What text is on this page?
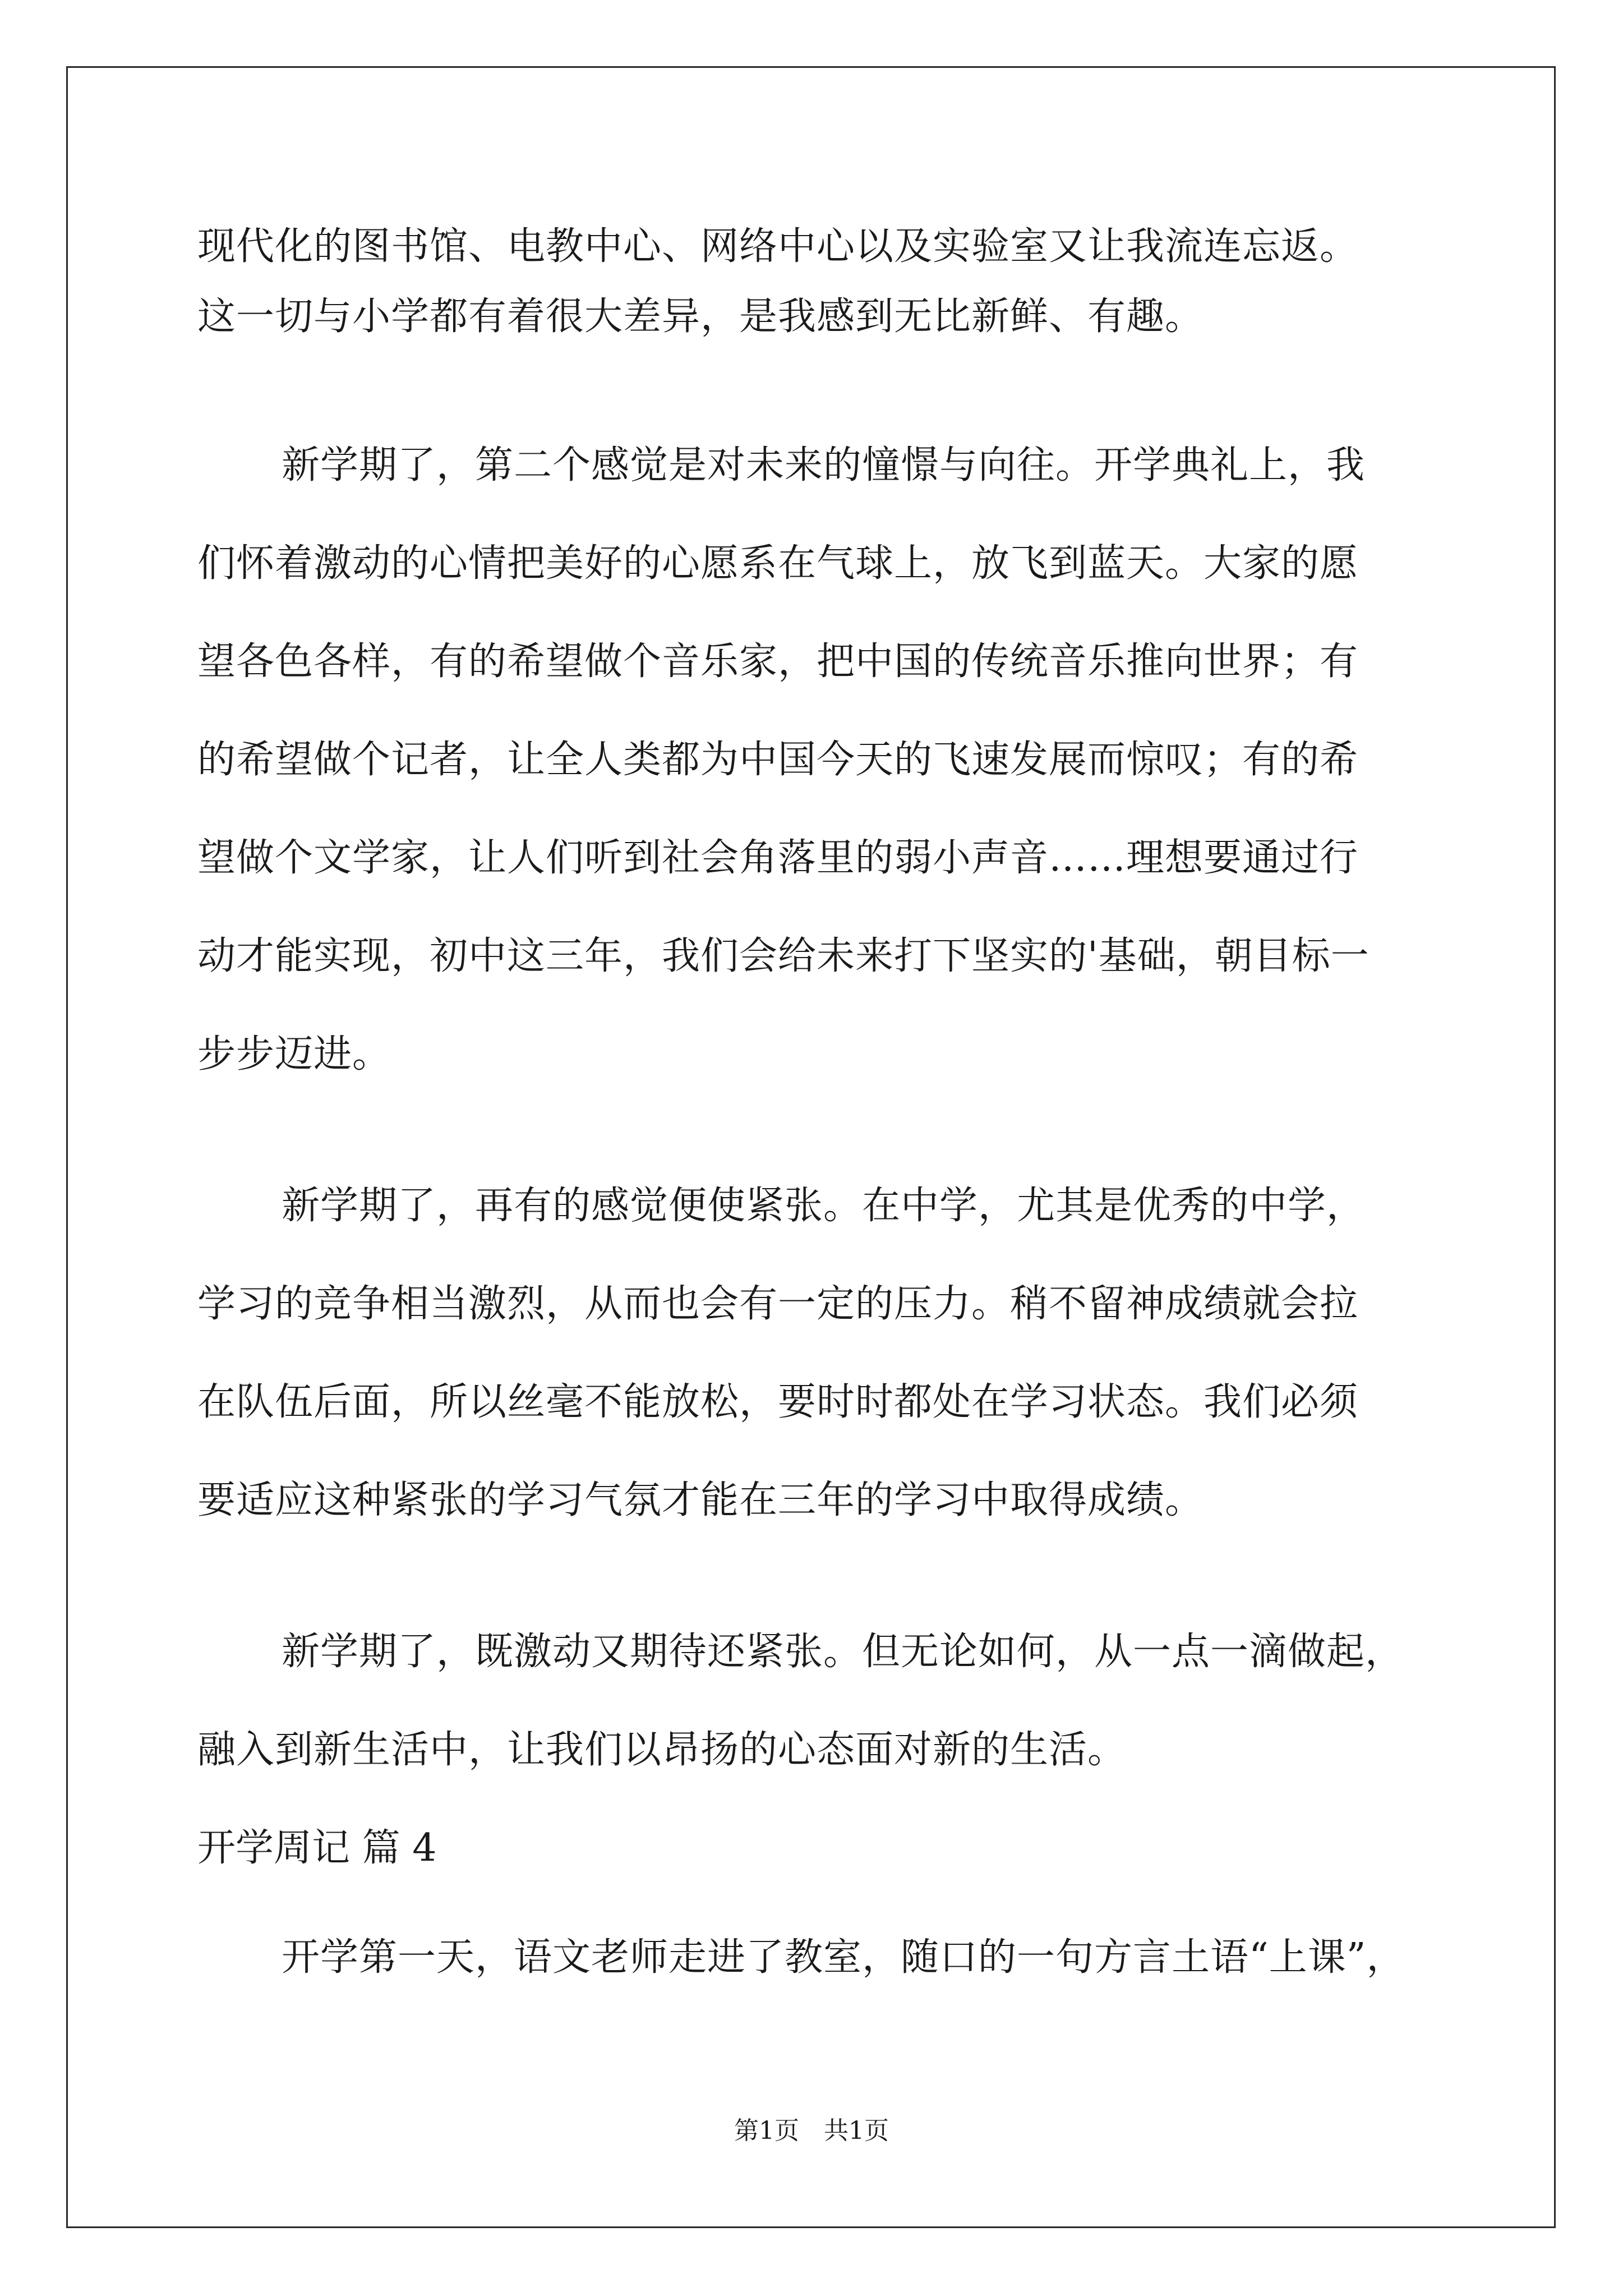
现代化的图书馆、电教中心、网络中心以及实验室又让我流连忘返。
这一切与小学都有着很大差异，是我感到无比新鲜、有趣。
新学期了，第二个感觉是对未来的憧憬与向往。开学典礼上，我
们怀着激动的心情把美好的心愿系在气球上，放飞到蓝天。大家的愿
望各色各样，有的希望做个音乐家，把中国的传统音乐推向世界；有
的希望做个记者，让全人类都为中国今天的飞速发展而惊叹；有的希
望做个文学家，让人们听到社会角落里的弱小声音……理想要通过行
动才能实现，初中这三年，我们会给未来打下坚实的'基础，朝目标一
步步迈进。
新学期了，再有的感觉便使紧张。在中学，尤其是优秀的中学，
学习的竞争相当激烈，从而也会有一定的压力。稍不留神成绩就会拉
在队伍后面，所以丝毫不能放松，要时时都处在学习状态。我们必须
要适应这种紧张的学习气氛才能在三年的学习中取得成绩。
新学期了，既激动又期待还紧张。但无论如何，从一点一滴做起，
融入到新生活中，让我们以昂扬的心态面对新的生活。
开学周记 篇 4
开学第一天，语文老师走进了教室，随口的一句方言土语“上课”，
第1页　共1页
